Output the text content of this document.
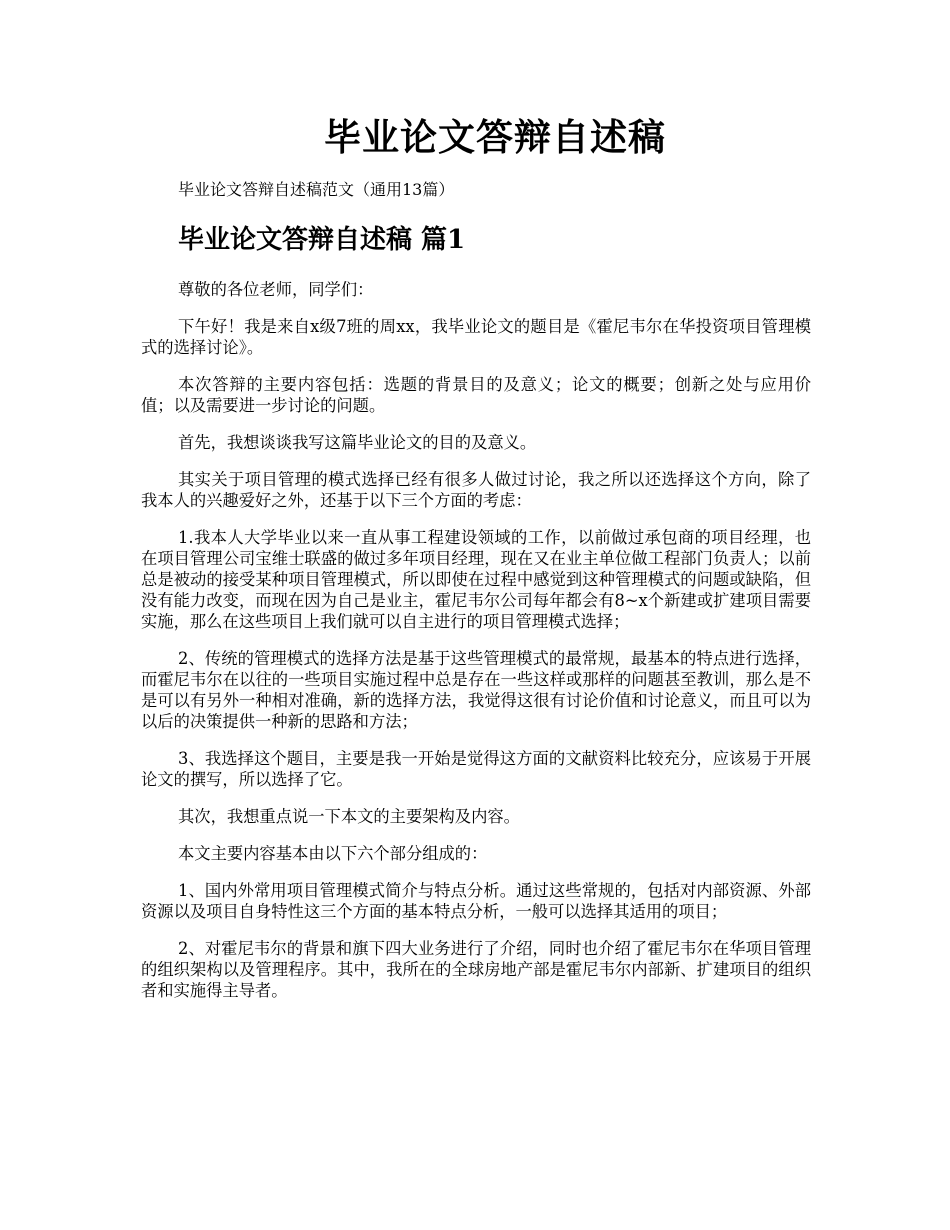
毕业论文答辩自述稿
毕业论文答辩自述稿范文（通用13篇）
毕业论文答辩自述稿 篇1

尊敬的各位老师，同学们：

下午好！我是来自x级7班的周xx，我毕业论文的题目是《霍尼韦尔在华投资项目管理模式的选择讨论》。

本次答辩的主要内容包括：选题的背景目的及意义；论文的概要；创新之处与应用价值；以及需要进一步讨论的问题。

首先，我想谈谈我写这篇毕业论文的目的及意义。

其实关于项目管理的模式选择已经有很多人做过讨论，我之所以还选择这个方向，除了我本人的兴趣爱好之外，还基于以下三个方面的考虑：

1.我本人大学毕业以来一直从事工程建设领域的工作，以前做过承包商的项目经理，也在项目管理公司宝维士联盛的做过多年项目经理，现在又在业主单位做工程部门负责人；以前总是被动的接受某种项目管理模式，所以即使在过程中感觉到这种管理模式的问题或缺陷，但没有能力改变，而现在因为自己是业主，霍尼韦尔公司每年都会有8~x个新建或扩建项目需要实施，那么在这些项目上我们就可以自主进行的项目管理模式选择；

2、传统的管理模式的选择方法是基于这些管理模式的最常规，最基本的特点进行选择，而霍尼韦尔在以往的一些项目实施过程中总是存在一些这样或那样的问题甚至教训，那么是不是可以有另外一种相对准确，新的选择方法，我觉得这很有讨论价值和讨论意义，而且可以为以后的决策提供一种新的思路和方法；

3、我选择这个题目，主要是我一开始是觉得这方面的文献资料比较充分，应该易于开展论文的撰写，所以选择了它。

其次，我想重点说一下本文的主要架构及内容。

本文主要内容基本由以下六个部分组成的：

1、国内外常用项目管理模式简介与特点分析。通过这些常规的，包括对内部资源、外部资源以及项目自身特性这三个方面的基本特点分析，一般可以选择其适用的项目；

2、对霍尼韦尔的背景和旗下四大业务进行了介绍，同时也介绍了霍尼韦尔在华项目管理的组织架构以及管理程序。其中，我所在的全球房地产部是霍尼韦尔内部新、扩建项目的组织者和实施得主导者。
